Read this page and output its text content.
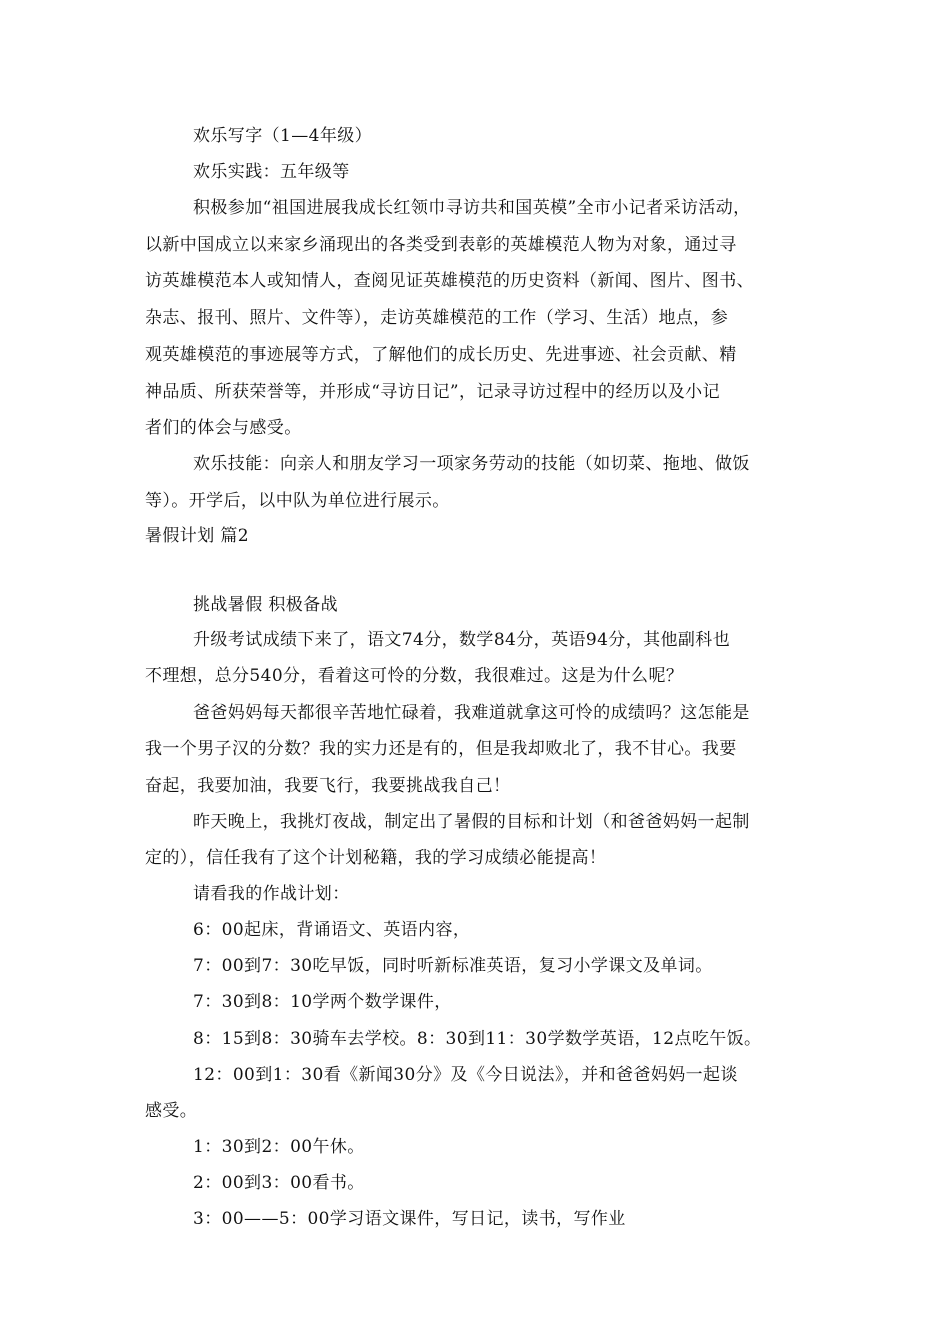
欢乐写字（1—4年级）
欢乐实践：五年级等
积极参加“祖国进展我成长红领巾寻访共和国英模”全市小记者采访活动，
以新中国成立以来家乡涌现出的各类受到表彰的英雄模范人物为对象，通过寻
访英雄模范本人或知情人，查阅见证英雄模范的历史资料（新闻、图片、图书、
杂志、报刊、照片、文件等），走访英雄模范的工作（学习、生活）地点，参
观英雄模范的事迹展等方式，了解他们的成长历史、先进事迹、社会贡献、精
神品质、所获荣誉等，并形成“寻访日记”，记录寻访过程中的经历以及小记
者们的体会与感受。
欢乐技能：向亲人和朋友学习一项家务劳动的技能（如切菜、拖地、做饭
等）。开学后，以中队为单位进行展示。
暑假计划 篇2
挑战暑假 积极备战
升级考试成绩下来了，语文74分，数学84分，英语94分，其他副科也
不理想，总分540分，看着这可怜的分数，我很难过。这是为什么呢？
爸爸妈妈每天都很辛苦地忙碌着，我难道就拿这可怜的成绩吗？这怎能是
我一个男子汉的分数？我的实力还是有的，但是我却败北了，我不甘心。我要
奋起，我要加油，我要飞行，我要挑战我自己！
昨天晚上，我挑灯夜战，制定出了暑假的目标和计划（和爸爸妈妈一起制
定的），信任我有了这个计划秘籍，我的学习成绩必能提高！
请看我的作战计划：
6：00起床，背诵语文、英语内容，
7：00到7：30吃早饭，同时听新标准英语，复习小学课文及单词。
7：30到8：10学两个数学课件，
8：15到8：30骑车去学校。8：30到11：30学数学英语，12点吃午饭。
12：00到1：30看《新闻30分》及《今日说法》，并和爸爸妈妈一起谈
感受。
1：30到2：00午休。
2：00到3：00看书。
3：00——5：00学习语文课件，写日记，读书，写作业
